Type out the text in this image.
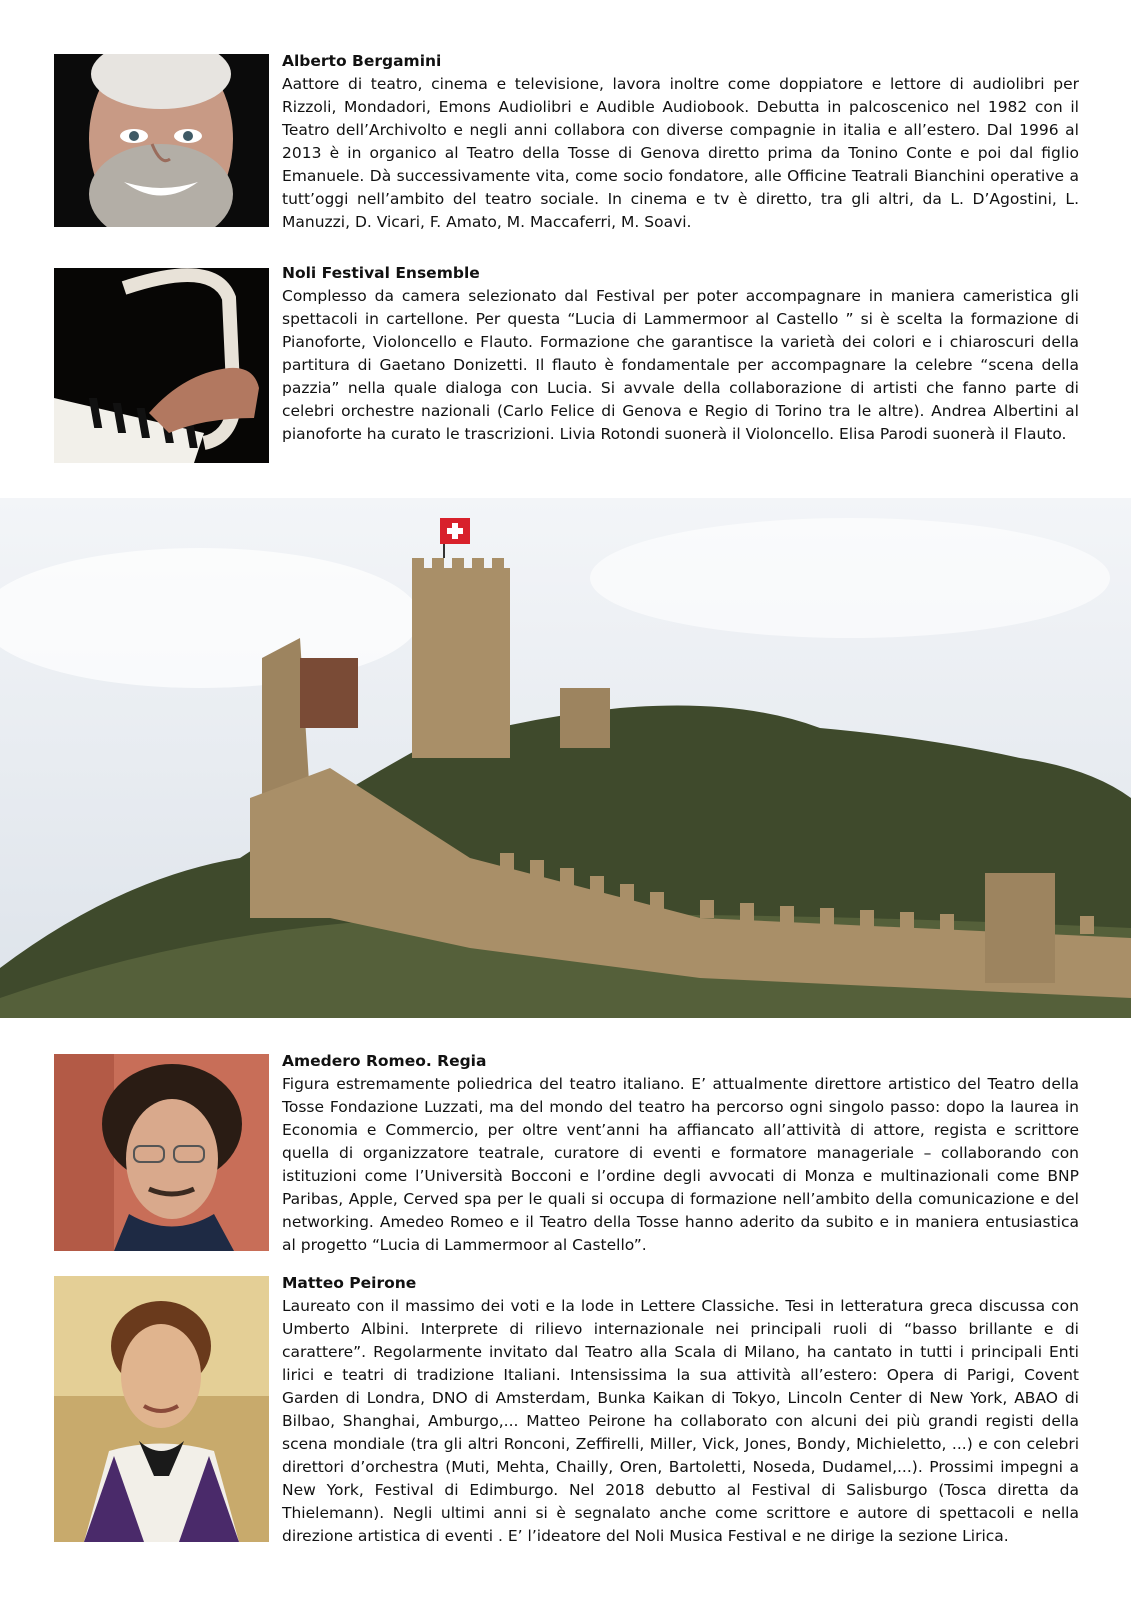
Alberto Bergamini

Aattore di teatro, cinema e televisione, lavora inoltre come doppiatore e lettore di audiolibri per Rizzoli, Mondadori, Emons Audiolibri e Audible Audiobook. Debutta in palcoscenico nel 1982 con il Teatro dell’Archivolto e negli anni collabora con diverse compagnie in italia e all’estero. Dal 1996 al 2013 è in organico al Teatro della Tosse di Genova diretto prima da Tonino Conte e poi dal figlio Emanuele. Dà successivamente vita, come socio fondatore, alle Officine Teatrali Bianchini operative a tutt’oggi nell’ambito del teatro sociale. In cinema e tv è diretto, tra gli altri, da L. D’Agostini, L. Manuzzi, D. Vicari, F. Amato, M. Maccaferri, M. Soavi.

Noli Festival Ensemble

Complesso da camera selezionato dal Festival per poter accompagnare in maniera cameristica gli spettacoli in cartellone. Per questa “Lucia di Lammermoor al Castello ” si è scelta la formazione di Pianoforte, Violoncello e Flauto. Formazione che garantisce la varietà dei colori e i chiaroscuri della partitura di Gaetano Donizetti. Il flauto è fondamentale per accompagnare la celebre “scena della pazzia” nella quale dialoga con Lucia. Si avvale della collaborazione di artisti che fanno parte di celebri orchestre nazionali (Carlo Felice di Genova e Regio di Torino tra le altre). Andrea Albertini al pianoforte ha curato le trascrizioni. Livia Rotondi suonerà il Violoncello. Elisa Parodi suonerà il Flauto.

Amedero Romeo. Regia

Figura estremamente poliedrica del teatro italiano. E’ attualmente direttore artistico del Teatro della Tosse Fondazione Luzzati, ma del mondo del teatro ha percorso ogni singolo passo: dopo la laurea in Economia e Commercio, per oltre vent’anni ha affiancato all’attività di attore, regista e scrittore quella di organizzatore teatrale, curatore di eventi e formatore manageriale – collaborando con istituzioni come l’Università Bocconi e l’ordine degli avvocati di Monza e multinazionali come BNP Paribas, Apple, Cerved spa per le quali si occupa di formazione nell’ambito della comunicazione e del networking. Amedeo Romeo e il Teatro della Tosse hanno aderito da subito e in maniera entusiastica al progetto “Lucia di Lammermoor al Castello”.

Matteo Peirone

Laureato con il massimo dei voti e la lode in Lettere Classiche. Tesi in letteratura greca discussa con Umberto Albini. Interprete di rilievo internazionale nei principali ruoli di “basso brillante e di carattere”. Regolarmente invitato dal Teatro alla Scala di Milano, ha cantato in tutti i principali Enti lirici e teatri di tradizione Italiani. Intensissima la sua attività all’estero: Opera di Parigi, Covent Garden di Londra, DNO di Amsterdam, Bunka Kaikan di Tokyo, Lincoln Center di New York, ABAO di Bilbao, Shanghai, Amburgo,... Matteo Peirone ha collaborato con alcuni dei più grandi registi della scena mondiale (tra gli altri Ronconi, Zeffirelli, Miller, Vick, Jones, Bondy, Michieletto, ...) e con celebri direttori d’orchestra (Muti, Mehta, Chailly, Oren, Bartoletti, Noseda, Dudamel,...). Prossimi impegni a New York, Festival di Edimburgo. Nel 2018 debutto al Festival di Salisburgo (Tosca diretta da Thielemann). Negli ultimi anni si è segnalato anche come scrittore e autore di spettacoli e nella direzione artistica di eventi . E’ l’ideatore del Noli Musica Festival e ne dirige la sezione Lirica.
